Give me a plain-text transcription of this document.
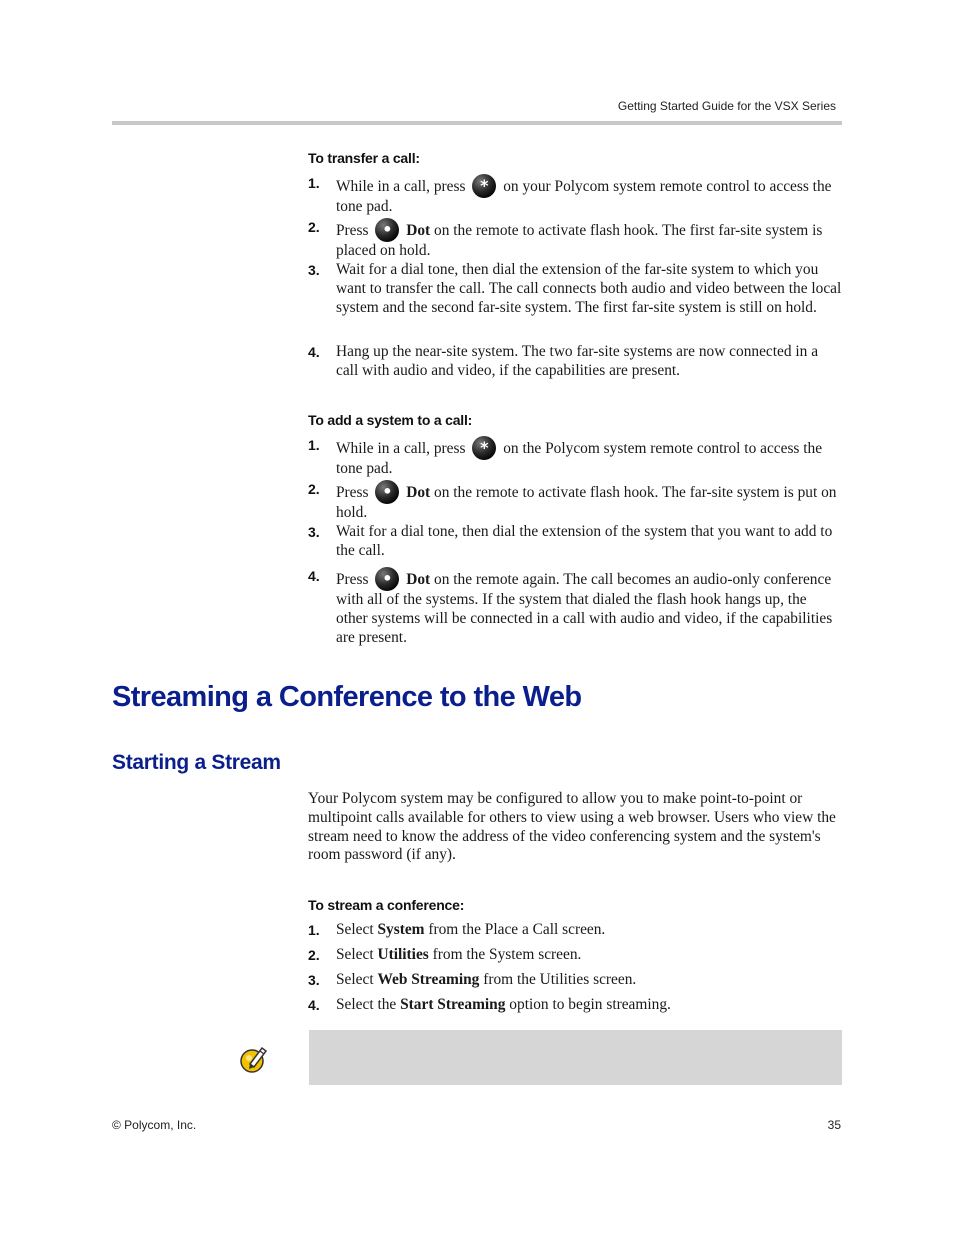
Getting Started Guide for the VSX Series
To transfer a call:
1. While in a call, press * on your Polycom system remote control to access the tone pad.
2. Press • Dot on the remote to activate flash hook. The first far-site system is placed on hold.
3. Wait for a dial tone, then dial the extension of the far-site system to which you want to transfer the call. The call connects both audio and video between the local system and the second far-site system. The first far-site system is still on hold.
4. Hang up the near-site system. The two far-site systems are now connected in a call with audio and video, if the capabilities are present.
To add a system to a call:
1. While in a call, press * on the Polycom system remote control to access the tone pad.
2. Press • Dot on the remote to activate flash hook. The far-site system is put on hold.
3. Wait for a dial tone, then dial the extension of the system that you want to add to the call.
4. Press • Dot on the remote again. The call becomes an audio-only conference with all of the systems. If the system that dialed the flash hook hangs up, the other systems will be connected in a call with audio and video, if the capabilities are present.
Streaming a Conference to the Web
Starting a Stream
Your Polycom system may be configured to allow you to make point-to-point or multipoint calls available for others to view using a web browser. Users who view the stream need to know the address of the video conferencing system and the system's room password (if any).
To stream a conference:
1. Select System from the Place a Call screen.
2. Select Utilities from the System screen.
3. Select Web Streaming from the Utilities screen.
4. Select the Start Streaming option to begin streaming.
© Polycom, Inc.	35
